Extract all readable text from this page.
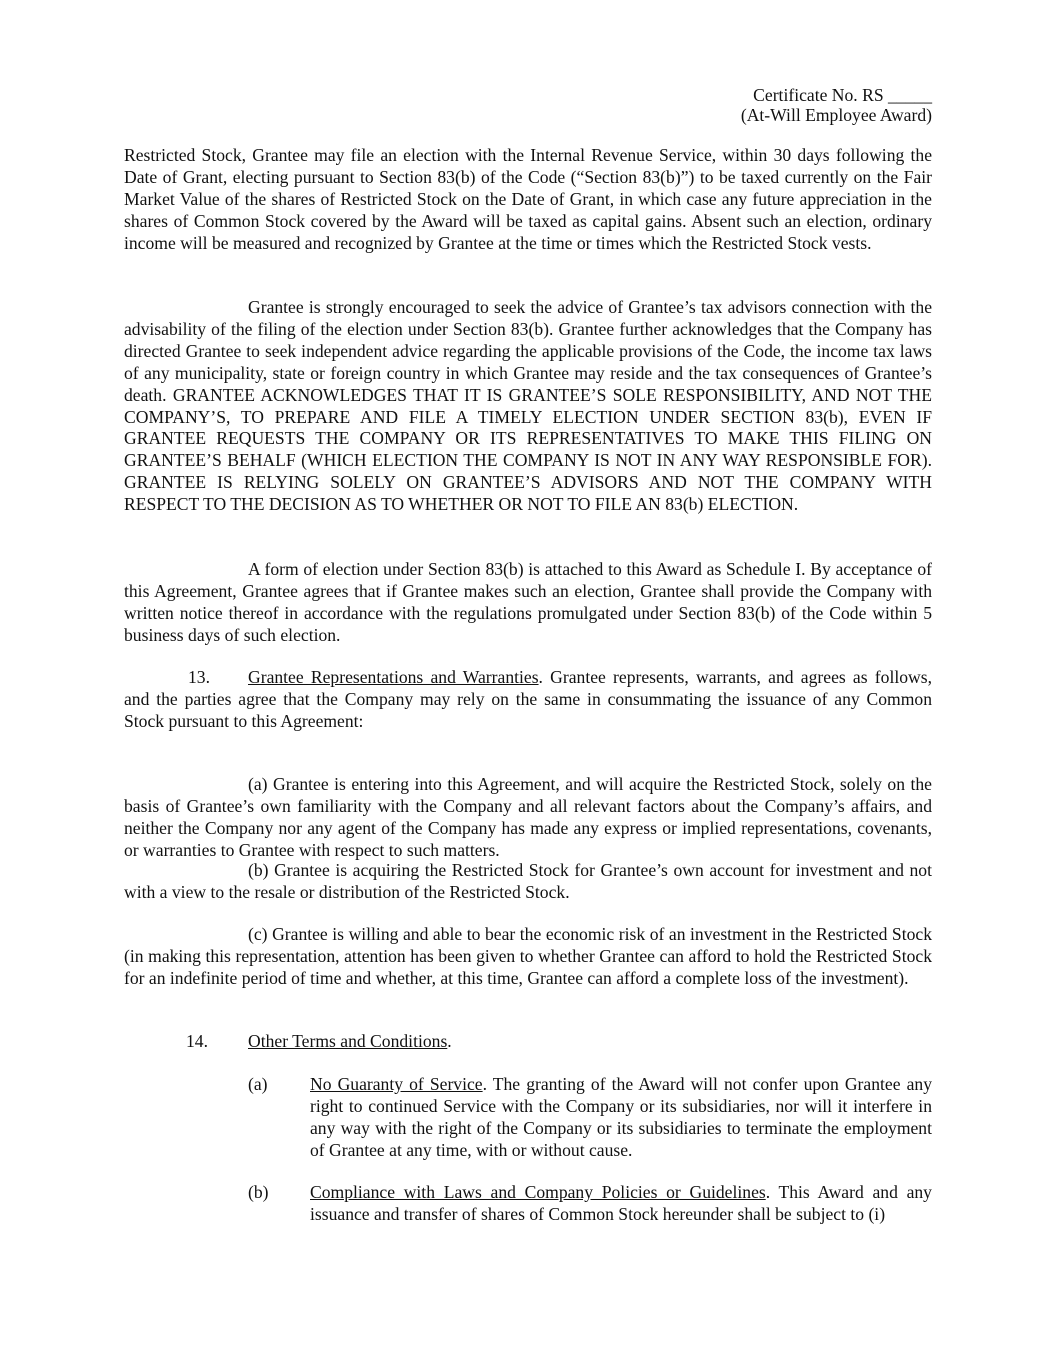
Certificate No. RS _____
(At-Will Employee Award)

Restricted Stock, Grantee may file an election with the Internal Revenue Service, within 30 days following the Date of Grant, electing pursuant to Section 83(b) of the Code (“Section 83(b)”) to be taxed currently on the Fair Market Value of the shares of Restricted Stock on the Date of Grant, in which case any future appreciation in the shares of Common Stock covered by the Award will be taxed as capital gains. Absent such an election, ordinary income will be measured and recognized by Grantee at the time or times which the Restricted Stock vests.

Grantee is strongly encouraged to seek the advice of Grantee’s tax advisors connection with the advisability of the filing of the election under Section 83(b). Grantee further acknowledges that the Company has directed Grantee to seek independent advice regarding the applicable provisions of the Code, the income tax laws of any municipality, state or foreign country in which Grantee may reside and the tax consequences of Grantee’s death. GRANTEE ACKNOWLEDGES THAT IT IS GRANTEE’S SOLE RESPONSIBILITY, AND NOT THE COMPANY’S, TO PREPARE AND FILE A TIMELY ELECTION UNDER SECTION 83(b), EVEN IF GRANTEE REQUESTS THE COMPANY OR ITS REPRESENTATIVES TO MAKE THIS FILING ON GRANTEE’S BEHALF (WHICH ELECTION THE COMPANY IS NOT IN ANY WAY RESPONSIBLE FOR). GRANTEE IS RELYING SOLELY ON GRANTEE’S ADVISORS AND NOT THE COMPANY WITH RESPECT TO THE DECISION AS TO WHETHER OR NOT TO FILE AN 83(b) ELECTION.

A form of election under Section 83(b) is attached to this Award as Schedule I. By acceptance of this Agreement, Grantee agrees that if Grantee makes such an election, Grantee shall provide the Company with written notice thereof in accordance with the regulations promulgated under Section 83(b) of the Code within 5 business days of such election.

13. Grantee Representations and Warranties. Grantee represents, warrants, and agrees as follows, and the parties agree that the Company may rely on the same in consummating the issuance of any Common Stock pursuant to this Agreement:

(a) Grantee is entering into this Agreement, and will acquire the Restricted Stock, solely on the basis of Grantee’s own familiarity with the Company and all relevant factors about the Company’s affairs, and neither the Company nor any agent of the Company has made any express or implied representations, covenants, or warranties to Grantee with respect to such matters.

(b) Grantee is acquiring the Restricted Stock for Grantee’s own account for investment and not with a view to the resale or distribution of the Restricted Stock.

(c) Grantee is willing and able to bear the economic risk of an investment in the Restricted Stock (in making this representation, attention has been given to whether Grantee can afford to hold the Restricted Stock for an indefinite period of time and whether, at this time, Grantee can afford a complete loss of the investment).

14. Other Terms and Conditions.
(a) No Guaranty of Service. The granting of the Award will not confer upon Grantee any right to continued Service with the Company or its subsidiaries, nor will it interfere in any way with the right of the Company or its subsidiaries to terminate the employment of Grantee at any time, with or without cause.

(b) Compliance with Laws and Company Policies or Guidelines. This Award and any issuance and transfer of shares of Common Stock hereunder shall be subject to (i)
